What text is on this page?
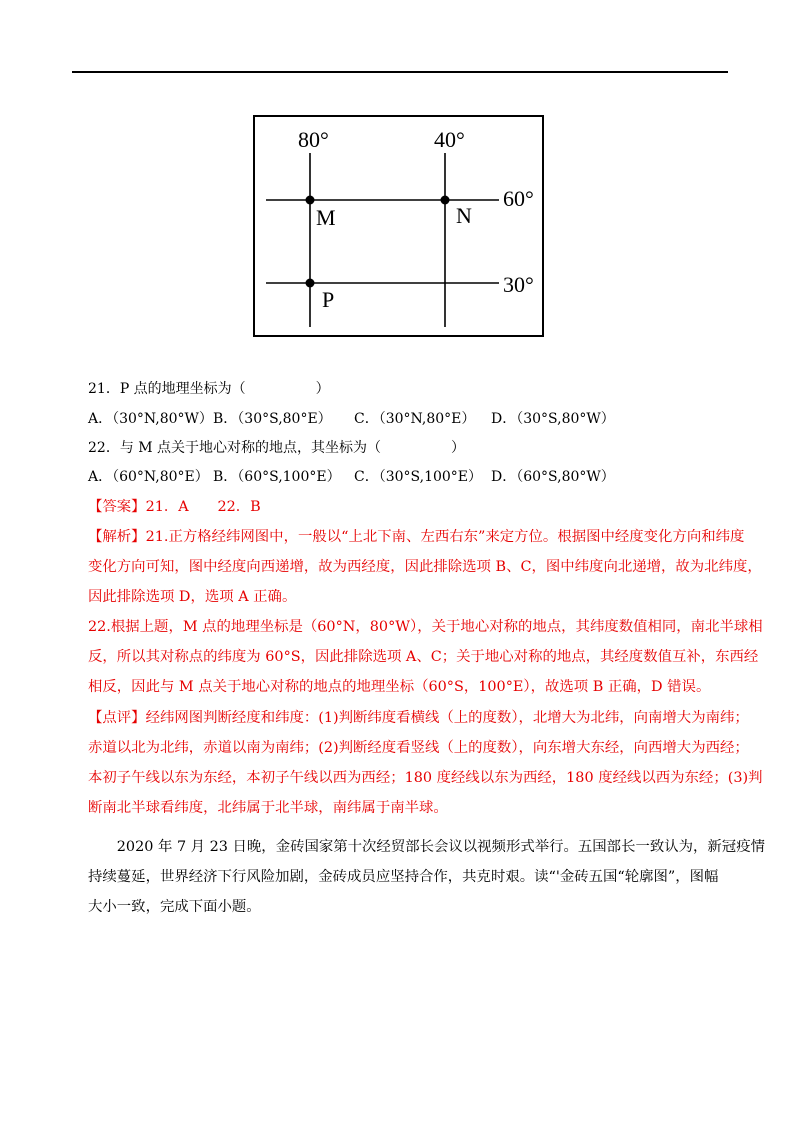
80°	40°
60°
30°
M	N
P
21．P 点的地理坐标为（　　　　　）
A．（30°N,80°W） B．（30°S,80°E） C．（30°N,80°E） D．（30°S,80°W）
22．与 M 点关于地心对称的地点，其坐标为（　　　　　）
A．（60°N,80°E） B．（60°S,100°E） C．（30°S,100°E） D．（60°S,80°W）
【答案】21．A　　22．B
【解析】21.正方格经纬网图中，一般以“上北下南、左西右东”来定方位。根据图中经度变化方向和纬度
变化方向可知，图中经度向西递增，故为西经度，因此排除选项 B、C，图中纬度向北递增，故为北纬度，
因此排除选项 D，选项 A 正确。
22.根据上题，M 点的地理坐标是（60°N，80°W），关于地心对称的地点，其纬度数值相同，南北半球相
反，所以其对称点的纬度为 60°S，因此排除选项 A、C；关于地心对称的地点，其经度数值互补，东西经
相反，因此与 M 点关于地心对称的地点的地理坐标（60°S，100°E），故选项 B 正确，D 错误。
【点评】经纬网图判断经度和纬度：(1)判断纬度看横线（上的度数），北增大为北纬，向南增大为南纬；
赤道以北为北纬，赤道以南为南纬；(2)判断经度看竖线（上的度数），向东增大东经，向西增大为西经；
本初子午线以东为东经，本初子午线以西为西经；180 度经线以东为西经，180 度经线以西为东经；(3)判
断南北半球看纬度，北纬属于北半球，南纬属于南半球。
　　2020 年 7 月 23 日晚，金砖国家第十次经贸部长会议以视频形式举行。五国部长一致认为，新冠疫情
持续蔓延，世界经济下行风险加剧，金砖成员应坚持合作，共克时艰。读“'金砖五国“轮廓图”，图幅
大小一致，完成下面小题。
